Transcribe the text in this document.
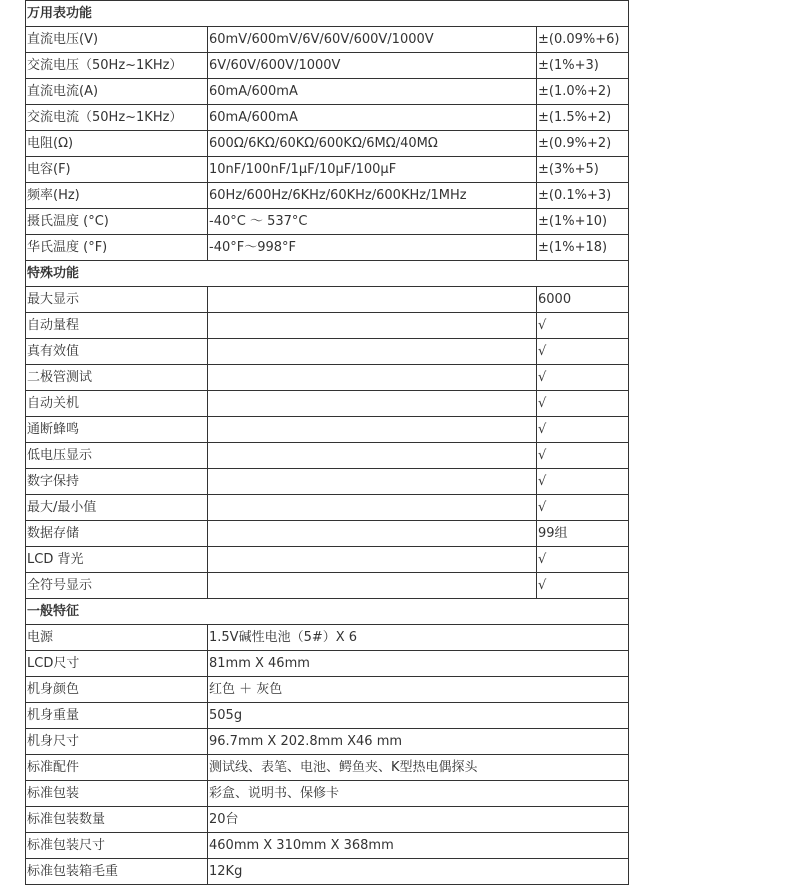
万用表功能		
直流电压(V)	60mV/600mV/6V/60V/600V/1000V	±(0.09%+6)
交流电压（50Hz~1KHz）	6V/60V/600V/1000V	±(1%+3)
直流电流(A)	60mA/600mA	±(1.0%+2)
交流电流（50Hz~1KHz）	60mA/600mA	±(1.5%+2)
电阻(Ω)	600Ω/6KΩ/60KΩ/600KΩ/6MΩ/40MΩ	±(0.9%+2)
电容(F)	10nF/100nF/1μF/10μF/100μF	±(3%+5)
频率(Hz)	60Hz/600Hz/6KHz/60KHz/600KHz/1MHz	±(0.1%+3)
摄氏温度 (°C)	-40°C ～ 537°C	±(1%+10)
华氏温度 (°F)	-40°F～998°F	±(1%+18)
特殊功能		
最大显示		6000
自动量程		√
真有效值		√
二极管测试		√
自动关机		√
通断蜂鸣		√
低电压显示		√
数字保持		√
最大/最小值		√
数据存储		99组
LCD 背光		√
全符号显示		√
一般特征		
电源	1.5V碱性电池（5#）X 6	
LCD尺寸	81mm X 46mm	
机身颜色	红色 ＋ 灰色	
机身重量	505g	
机身尺寸	96.7mm X 202.8mm X46 mm	
标准配件	测试线、表笔、电池、鳄鱼夹、K型热电偶探头	
标准包装	彩盒、说明书、保修卡	
标准包装数量	20台	
标准包装尺寸	460mm X 310mm X 368mm	
标准包装箱毛重	12Kg	
